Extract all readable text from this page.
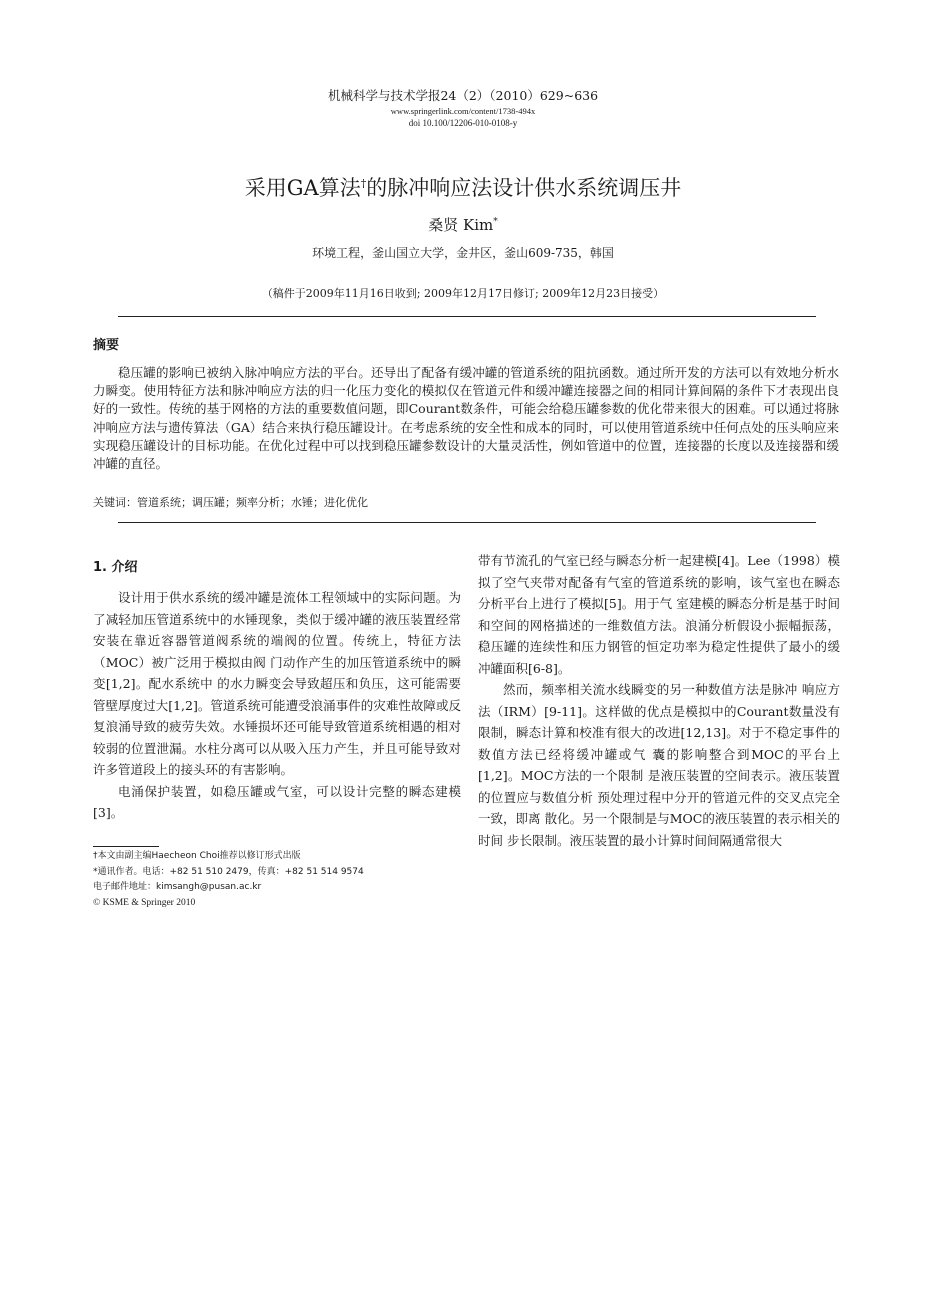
机械科学与技术学报24（2）（2010）629~636
www.springerlink.com/content/1738-494x
doi 10.100/12206-010-0108-y
采用GA算法†的脉冲响应法设计供水系统调压井
桑贤 Kim*
环境工程，釜山国立大学，金井区，釜山609-735，韩国
（稿件于2009年11月16日收到; 2009年12月17日修订; 2009年12月23日接受）
摘要

稳压罐的影响已被纳入脉冲响应方法的平台。还导出了配备有缓冲罐的管道系统的阻抗函数。通过所开发的方法可以有效地分析水力瞬变。使用特征方法和脉冲响应方法的归一化压力变化的模拟仅在管道元件和缓冲罐连接器之间的相同计算间隔的条件下才表现出良好的一致性。传统的基于网格的方法的重要数值问题，即Courant数条件，可能会给稳压罐参数的优化带来很大的困难。可以通过将脉冲响应方法与遗传算法（GA）结合来执行稳压罐设计。在考虑系统的安全性和成本的同时，可以使用管道系统中任何点处的压头响应来实现稳压罐设计的目标功能。在优化过程中可以找到稳压罐参数设计的大量灵活性，例如管道中的位置，连接器的长度以及连接器和缓冲罐的直径。

关键词：管道系统；调压罐；频率分析；水锤；进化优化
1. 介绍

设计用于供水系统的缓冲罐是流体工程领域中的实际问题。为了减轻加压管道系统中的水锤现象，类似于缓冲罐的液压装置经常安装在靠近容器管道阀系统的端阀的位置。传统上，特征方法（MOC）被广泛用于模拟由阀 门动作产生的加压管道系统中的瞬变[1,2]。配水系统中 的水力瞬变会导致超压和负压，这可能需要管壁厚度过大[1,2]。管道系统可能遭受浪涌事件的灾难性故障或反 复浪涌导致的疲劳失效。水锤损坏还可能导致管道系统相遇的相对较弱的位置泄漏。水柱分离可以从吸入压力产生，并且可能导致对许多管道段上的接头环的有害影响。

电涌保护装置，如稳压罐或气室，可以设计完整的瞬态建模[3]。

带有节流孔的气室已经与瞬态分析一起建模[4]。Lee（1998）模拟了空气夹带对配备有气室的管道系统的影响，该气室也在瞬态分析平台上进行了模拟[5]。用于气 室建模的瞬态分析是基于时间和空间的网格描述的一维数值方法。浪涌分析假设小振幅振荡，稳压罐的连续性和压力钢管的恒定功率为稳定性提供了最小的缓冲罐面积[6-8]。

然而，频率相关流水线瞬变的另一种数值方法是脉冲 响应方法（IRM）[9-11]。这样做的优点是模拟中的Courant数量没有限制，瞬态计算和校准有很大的改进[12,13]。对于不稳定事件的数值方法已经将缓冲罐或气 囊的影响整合到MOC的平台上[1,2]。MOC方法的一个限制 是液压装置的空间表示。液压装置的位置应与数值分析 预处理过程中分开的管道元件的交叉点完全一致，即离 散化。另一个限制是与MOC的液压装置的表示相关的时间 步长限制。液压装置的最小计算时间间隔通常很大

†本文由副主编Haecheon Choi推荐以修订形式出版
*通讯作者。电话：+82 51 510 2479，传真：+82 51 514 9574
电子邮件地址：kimsangh@pusan.ac.kr
© KSME & Springer 2010
